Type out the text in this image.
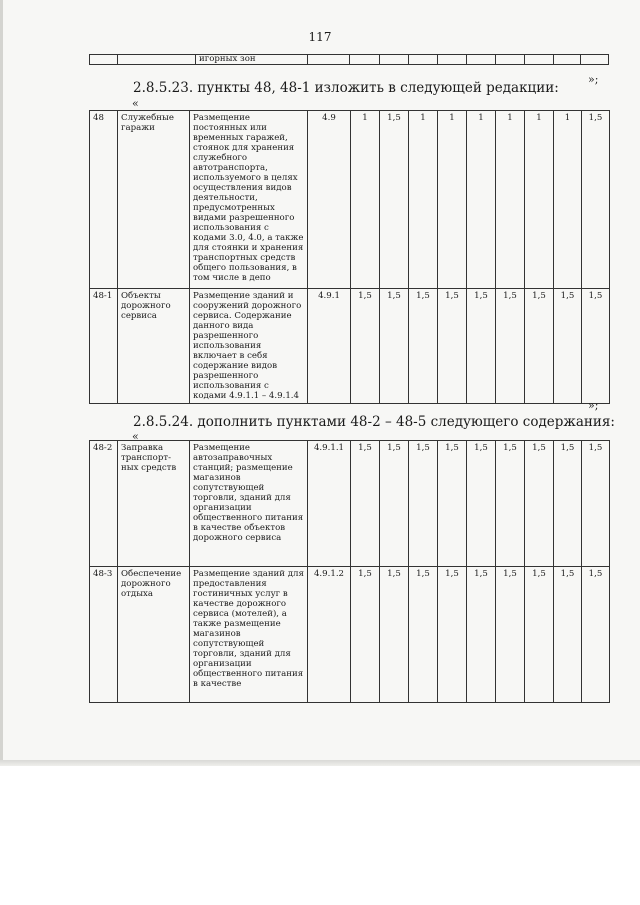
117
		игорных зон										
»;
2.8.5.23. пункты 48, 48-1 изложить в следующей редакции:
«
48	Служебные гаражи	Размещение постоянных или временных гаражей, стоянок для хранения служебного автотранспорта, используемого в целях осуществления видов деятельности, предусмотренных видами разрешенного использования с кодами 3.0, 4.0, а также для стоянки и хранения транспортных средств общего пользования, в том числе в депо	4.9	1	1,5	1	1	1	1	1	1	1,5
48-1	Объекты дорожного сервиса	Размещение зданий и сооружений дорожного сервиса. Содержание данного вида разрешенного использования включает в себя содержание видов разрешенного использования с кодами 4.9.1.1 – 4.9.1.4	4.9.1	1,5	1,5	1,5	1,5	1,5	1,5	1,5	1,5	1,5
»;
2.8.5.24. дополнить пунктами 48-2 – 48-5 следующего содержания:
«
48-2	Заправка транспорт-ных средств	Размещение автозаправочных станций; размещение магазинов сопутствующей торговли, зданий для организации общественного питания в качестве объектов дорожного сервиса	4.9.1.1	1,5	1,5	1,5	1,5	1,5	1,5	1,5	1,5	1,5
48-3	Обеспечение дорожного отдыха	Размещение зданий для предоставления гостиничных услуг в качестве дорожного сервиса (мотелей), а также размещение магазинов сопутствующей торговли, зданий для организации общественного питания в качестве	4.9.1.2	1,5	1,5	1,5	1,5	1,5	1,5	1,5	1,5	1,5
